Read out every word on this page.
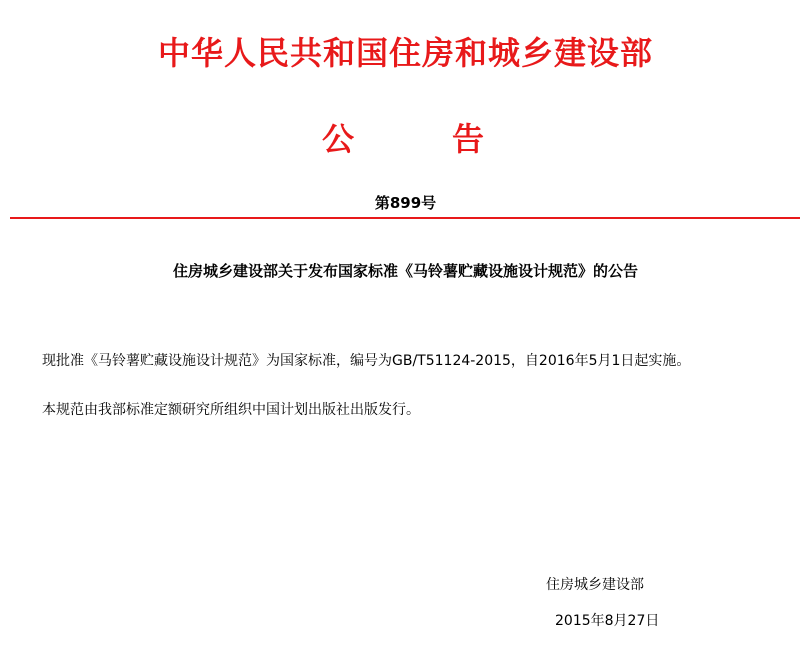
中华人民共和国住房和城乡建设部
公	告
第899号
住房城乡建设部关于发布国家标准《马铃薯贮藏设施设计规范》的公告
现批准《马铃薯贮藏设施设计规范》为国家标准，编号为GB/T51124-2015，自2016年5月1日起实施。
本规范由我部标准定额研究所组织中国计划出版社出版发行。
住房城乡建设部
2015年8月27日
